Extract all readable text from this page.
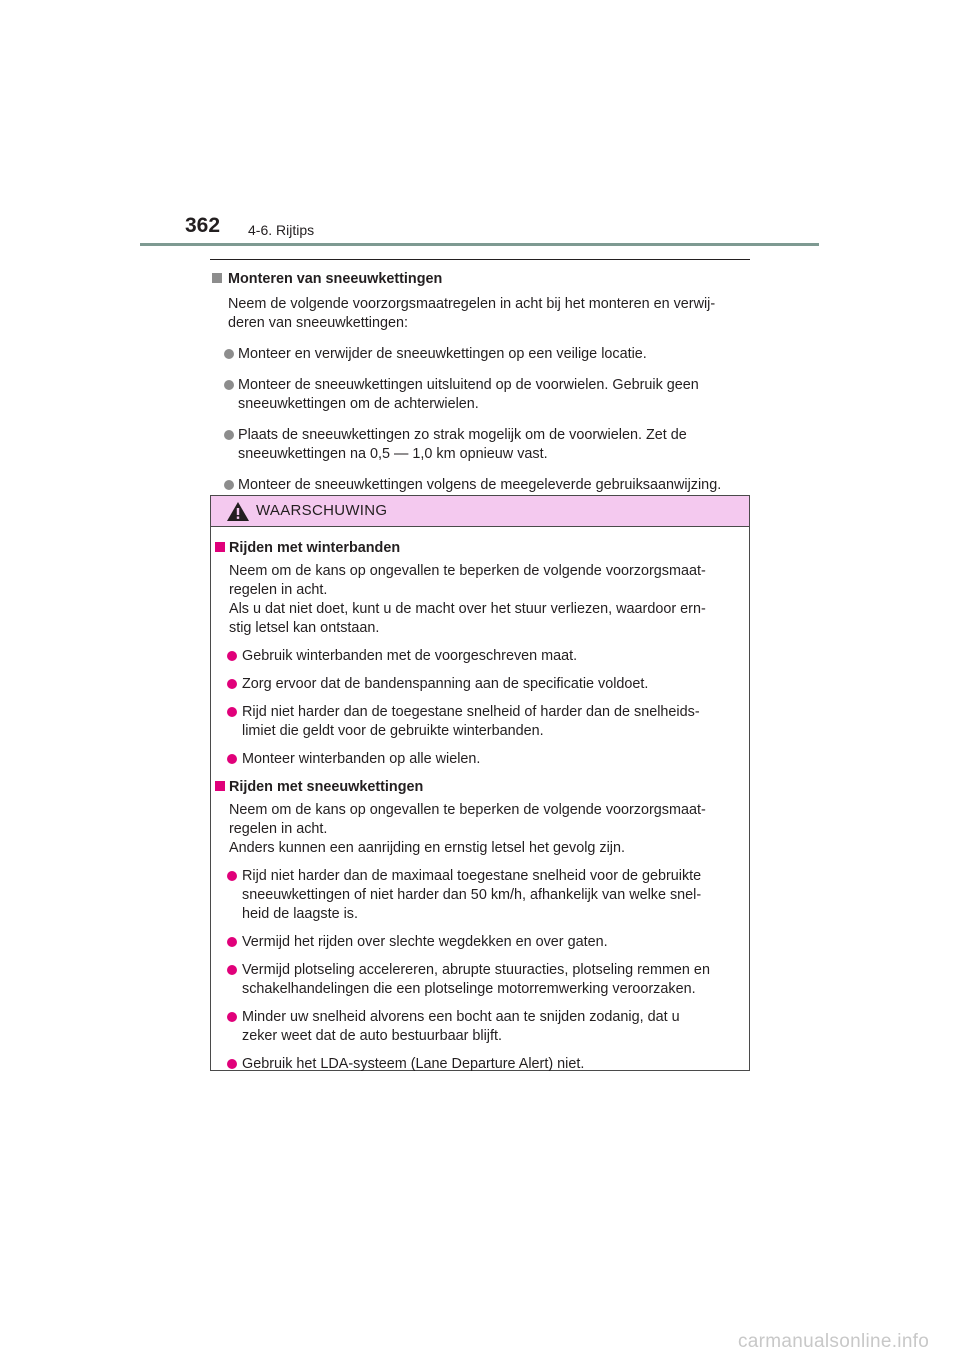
362 4-6. Rijtips
Monteren van sneeuwkettingen
Neem de volgende voorzorgsmaatregelen in acht bij het monteren en verwij-
deren van sneeuwkettingen:
Monteer en verwijder de sneeuwkettingen op een veilige locatie.
Monteer de sneeuwkettingen uitsluitend op de voorwielen. Gebruik geen
sneeuwkettingen om de achterwielen.
Plaats de sneeuwkettingen zo strak mogelijk om de voorwielen. Zet de
sneeuwkettingen na 0,5 — 1,0 km opnieuw vast.
Monteer de sneeuwkettingen volgens de meegeleverde gebruiksaanwijzing.
WAARSCHUWING
Rijden met winterbanden
Neem om de kans op ongevallen te beperken de volgende voorzorgsmaat-
regelen in acht.
Als u dat niet doet, kunt u de macht over het stuur verliezen, waardoor ern-
stig letsel kan ontstaan.
Gebruik winterbanden met de voorgeschreven maat.
Zorg ervoor dat de bandenspanning aan de specificatie voldoet.
Rijd niet harder dan de toegestane snelheid of harder dan de snelheids-
limiet die geldt voor de gebruikte winterbanden.
Monteer winterbanden op alle wielen.
Rijden met sneeuwkettingen
Neem om de kans op ongevallen te beperken de volgende voorzorgsmaat-
regelen in acht.
Anders kunnen een aanrijding en ernstig letsel het gevolg zijn.
Rijd niet harder dan de maximaal toegestane snelheid voor de gebruikte
sneeuwkettingen of niet harder dan 50 km/h, afhankelijk van welke snel-
heid de laagste is.
Vermijd het rijden over slechte wegdekken en over gaten.
Vermijd plotseling accelereren, abrupte stuuracties, plotseling remmen en
schakelhandelingen die een plotselinge motorremwerking veroorzaken.
Minder uw snelheid alvorens een bocht aan te snijden zodanig, dat u
zeker weet dat de auto bestuurbaar blijft.
Gebruik het LDA-systeem (Lane Departure Alert) niet.
carmanualsonline.info
